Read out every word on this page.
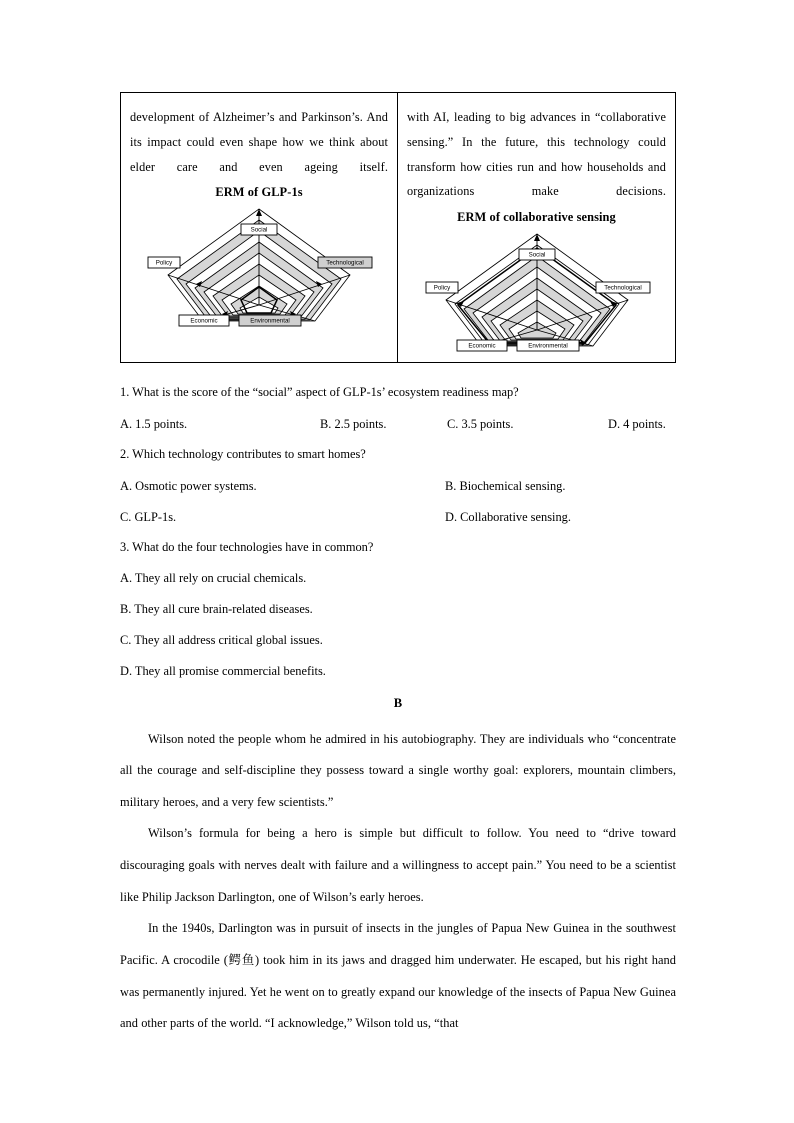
development of Alzheimer’s and Parkinson’s. And its impact could even shape how we think about elder care and even ageing itself.

ERM of GLP-1s
Social
Technological
Policy
Economic	Environmental

with AI, leading to big advances in “collaborative sensing.” In the future, this technology could transform how cities run and how households and organizations make decisions.

ERM of collaborative sensing
Social
Technological
Policy
Economic	Environmental
1. What is the score of the “social” aspect of GLP-1s’ ecosystem readiness map?
A. 1.5 points.	B. 2.5 points.	C. 3.5 points.	D. 4 points.
2. Which technology contributes to smart homes?
A. Osmotic power systems.	B. Biochemical sensing.
C. GLP-1s.	D. Collaborative sensing.
3. What do the four technologies have in common?
A. They all rely on crucial chemicals.
B. They all cure brain-related diseases.
C. They all address critical global issues.
D. They all promise commercial benefits.
B

Wilson noted the people whom he admired in his autobiography. They are individuals who “concentrate all the courage and self-discipline they possess toward a single worthy goal: explorers, mountain climbers, military heroes, and a very few scientists.”

Wilson’s formula for being a hero is simple but difficult to follow. You need to “drive toward discouraging goals with nerves dealt with failure and a willingness to accept pain.” You need to be a scientist like Philip Jackson Darlington, one of Wilson’s early heroes.

In the 1940s, Darlington was in pursuit of insects in the jungles of Papua New Guinea in the southwest Pacific. A crocodile (鳄鱼) took him in its jaws and dragged him underwater. He escaped, but his right hand was permanently injured. Yet he went on to greatly expand our knowledge of the insects of Papua New Guinea and other parts of the world. “I acknowledge,” Wilson told us, “that
